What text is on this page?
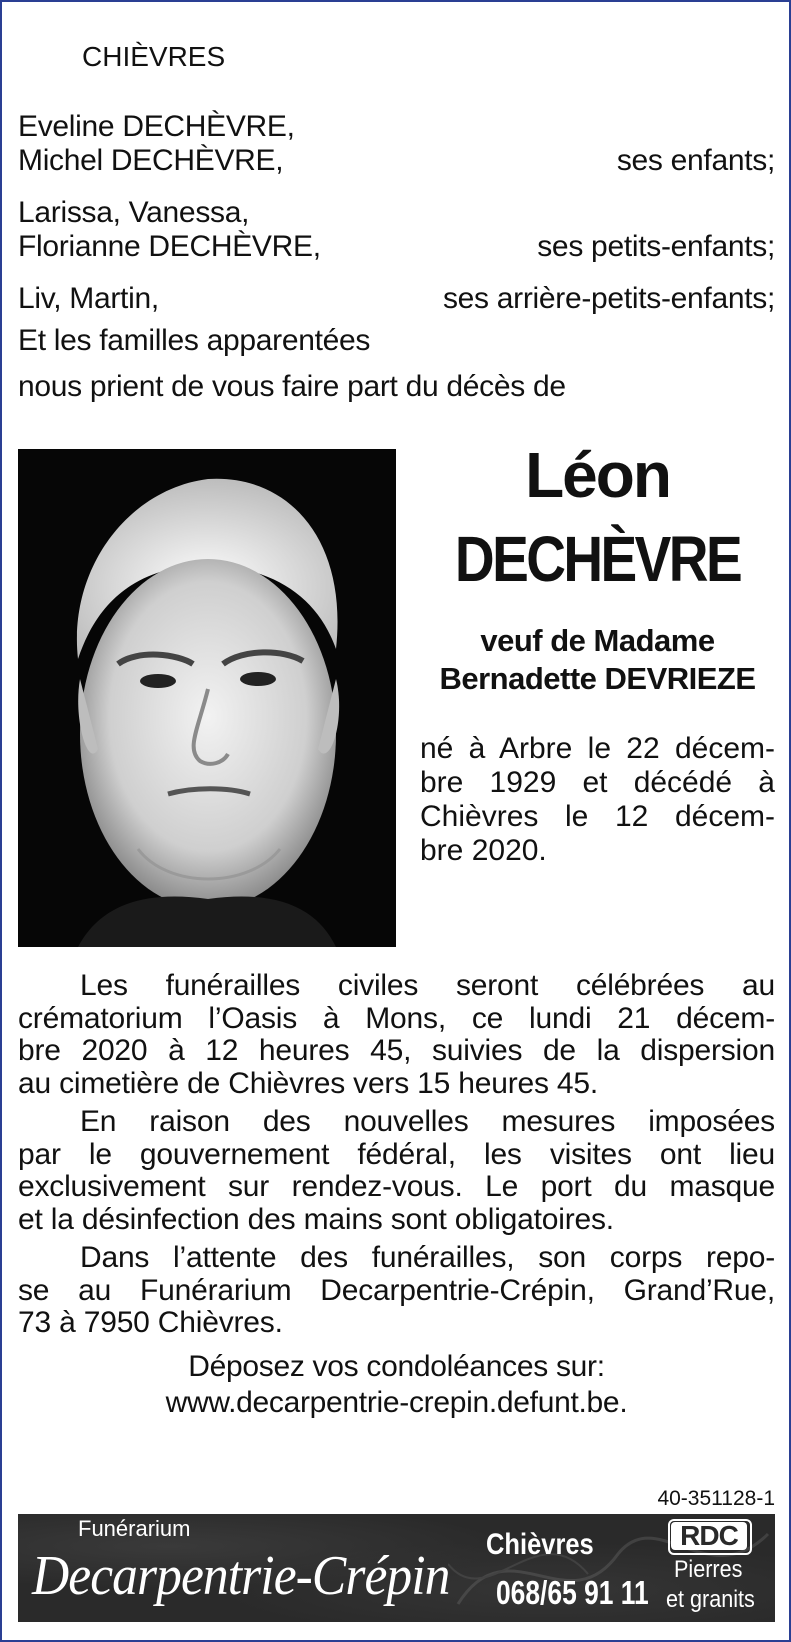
CHIÈVRES
Eveline DECHÈVRE,
Michel DECHÈVRE,	ses enfants;
Larissa, Vanessa,
Florianne DECHÈVRE,	ses petits-enfants;
Liv, Martin,	ses arrière-petits-enfants;
Et les familles apparentées
nous prient de vous faire part du décès de
Léon
DECHÈVRE
veuf de Madame
Bernadette DEVRIEZE
né à Arbre le 22 décem-
bre 1929 et décédé à
Chièvres le 12 décem-
bre 2020.
Les funérailles civiles seront célébrées au
crématorium l’Oasis à Mons, ce lundi 21 décem-
bre 2020 à 12 heures 45, suivies de la dispersion
au cimetière de Chièvres vers 15 heures 45.
En raison des nouvelles mesures imposées
par le gouvernement fédéral, les visites ont lieu
exclusivement sur rendez-vous. Le port du masque
et la désinfection des mains sont obligatoires.
Dans l’attente des funérailles, son corps repo-
se au Funérarium Decarpentrie-Crépin, Grand’Rue,
73 à 7950 Chièvres.
Déposez vos condoléances sur:
www.decarpentrie-crepin.defunt.be.
40-351128-1
Funérarium
Decarpentrie-Crépin
Chièvres
068/65 91 11
RDC
Pierres
et granits
